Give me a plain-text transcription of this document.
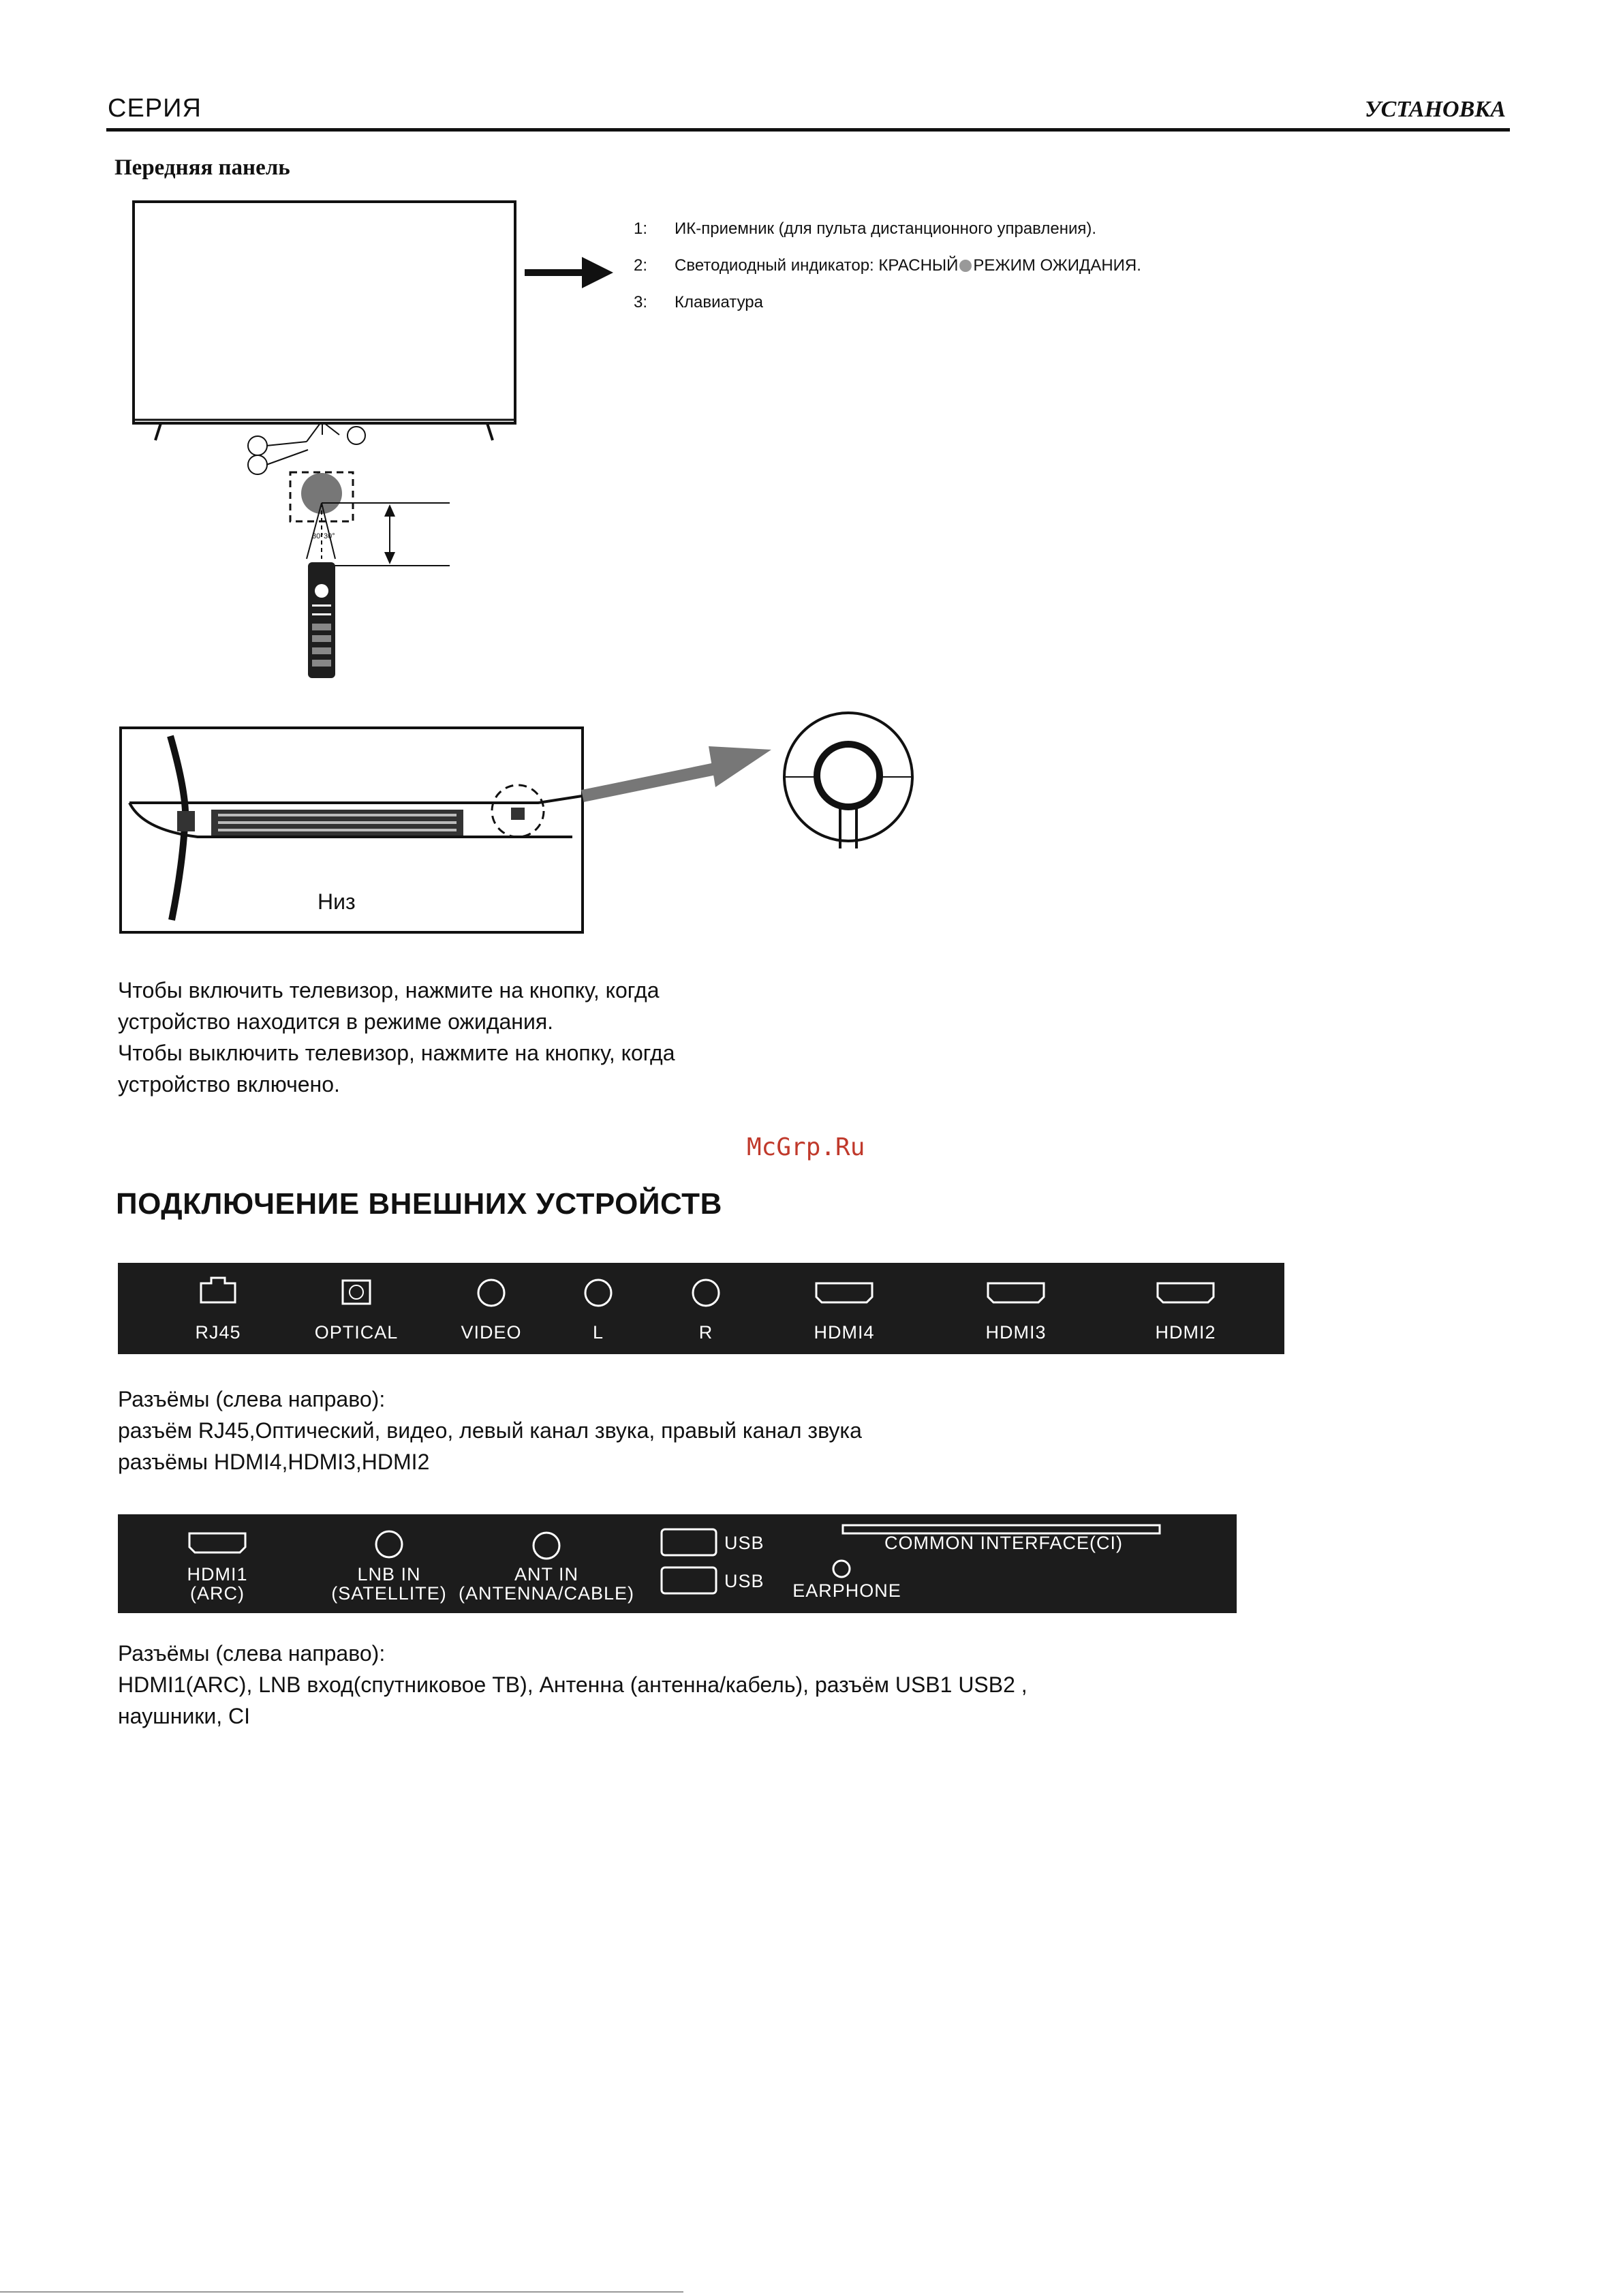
СЕРИЯ	УСТАНОВКА
Передняя панель
30° 30°
1:	ИК-приемник (для пульта дистанционного управления).
2:	Светодиодный индикатор: КРАСНЫЙ РЕЖИМ ОЖИДАНИЯ.
3:	Клавиатура
Низ
Чтобы включить телевизор, нажмите на кнопку, когда
устройство находится в режиме ожидания.
Чтобы выключить телевизор, нажмите на кнопку, когда
устройство включено.
McGrp.Ru
ПОДКЛЮЧЕНИЕ ВНЕШНИХ УСТРОЙСТВ
RJ45	OPTICAL	VIDEO	L	R	HDMI4	HDMI3	HDMI2
Разъёмы (слева направо):
разъём RJ45,Оптический, видео, левый канал звука, правый канал звука
разъёмы HDMI4,HDMI3,HDMI2
HDMI1
(ARC)
LNB IN
(SATELLITE)
ANT IN
(ANTENNA/CABLE)
USB
USB
COMMON INTERFACE(CI)
EARPHONE
Разъёмы (слева направо):
HDMI1(ARC), LNB вход(спутниковое ТВ), Антенна (антенна/кабель), разъём USB1 USB2 ,
наушники, CI
